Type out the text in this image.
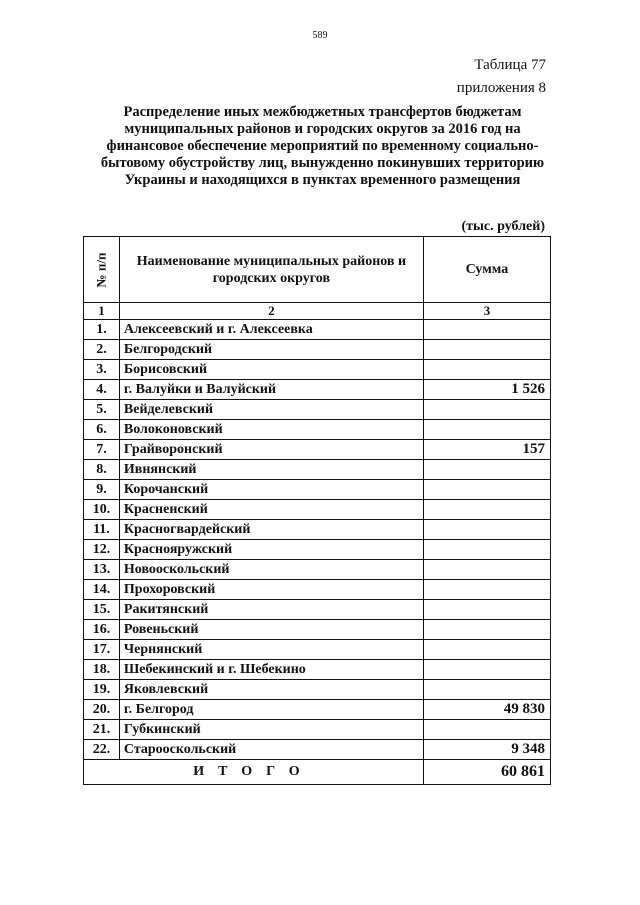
589
Таблица 77
приложения 8
Распределение иных межбюджетных трансфертов бюджетам муниципальных районов и городских округов за 2016 год на финансовое обеспечение мероприятий по временному социально-бытовому обустройству лиц, вынужденно покинувших территорию Украины и находящихся в пунктах временного размещения
(тыс. рублей)
№ п/п	Наименование муниципальных районов и городских округов	Сумма
1	2	3
1.	Алексеевский и г. Алексеевка	
2.	Белгородский	
3.	Борисовский	
4.	г. Валуйки и Валуйский	1 526
5.	Вейделевский	
6.	Волоконовский	
7.	Грайворонский	157
8.	Ивнянский	
9.	Корочанский	
10.	Красненский	
11.	Красногвардейский	
12.	Краснояружский	
13.	Новооскольский	
14.	Прохоровский	
15.	Ракитянский	
16.	Ровеньский	
17.	Чернянский	
18.	Шебекинский и г. Шебекино	
19.	Яковлевский	
20.	г. Белгород	49 830
21.	Губкинский	
22.	Старооскольский	9 348
ИТОГО		60 861
